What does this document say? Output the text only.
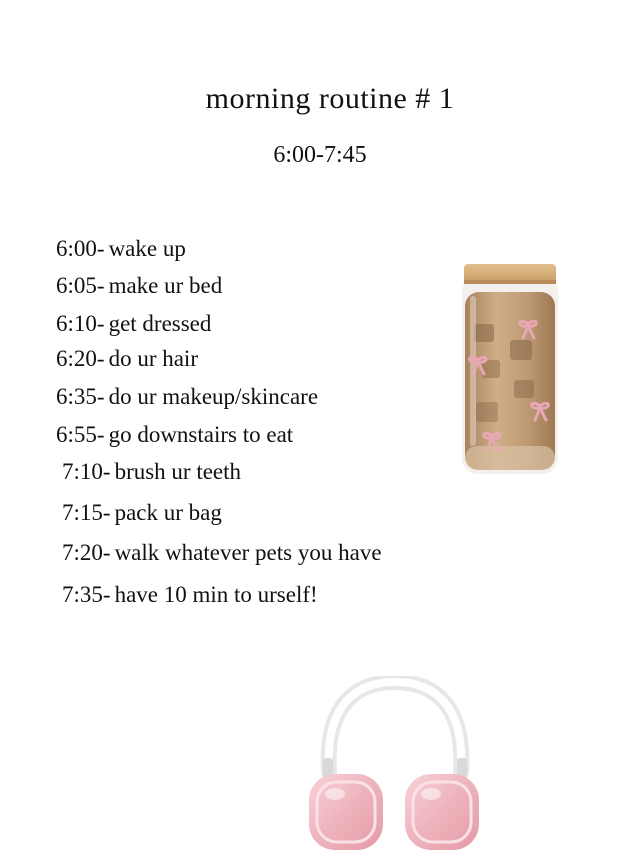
morning routine # 1
6:00-7:45
6:00- wake up
6:05- make ur bed
6:10- get dressed
6:20- do ur hair
6:35- do ur makeup/skincare
6:55- go downstairs to eat
7:10- brush ur teeth
7:15- pack ur bag
7:20- walk whatever pets you have
7:35- have 10 min to urself!
